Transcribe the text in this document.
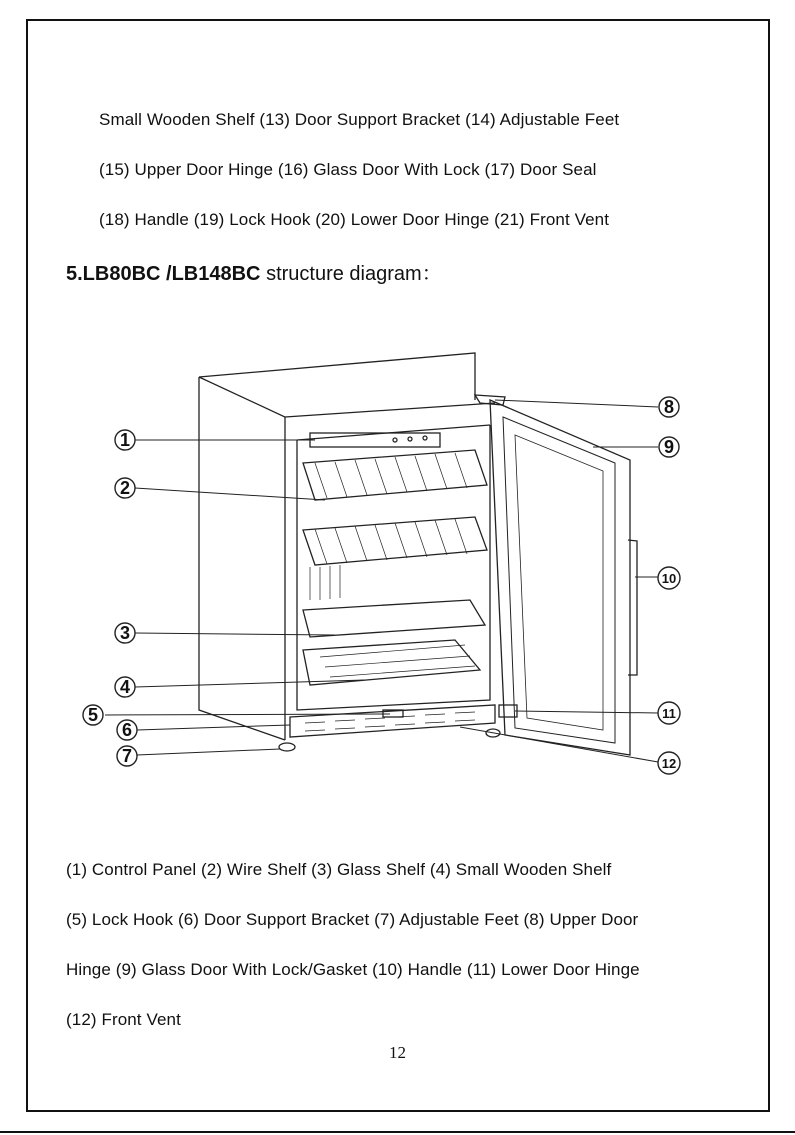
Small Wooden Shelf (13) Door Support Bracket (14) Adjustable Feet
(15) Upper Door Hinge (16) Glass Door With Lock (17) Door Seal
(18) Handle (19) Lock Hook (20) Lower Door Hinge (21) Front Vent
5.LB80BC /LB148BC structure diagram：
1
2
3
4
5
6
7
8
9
10
11
12
(1) Control Panel (2) Wire Shelf (3) Glass Shelf (4) Small Wooden Shelf
(5) Lock Hook (6) Door Support Bracket (7) Adjustable Feet (8) Upper Door
Hinge (9) Glass Door With Lock/Gasket (10) Handle (11) Lower Door Hinge
(12) Front Vent
12
